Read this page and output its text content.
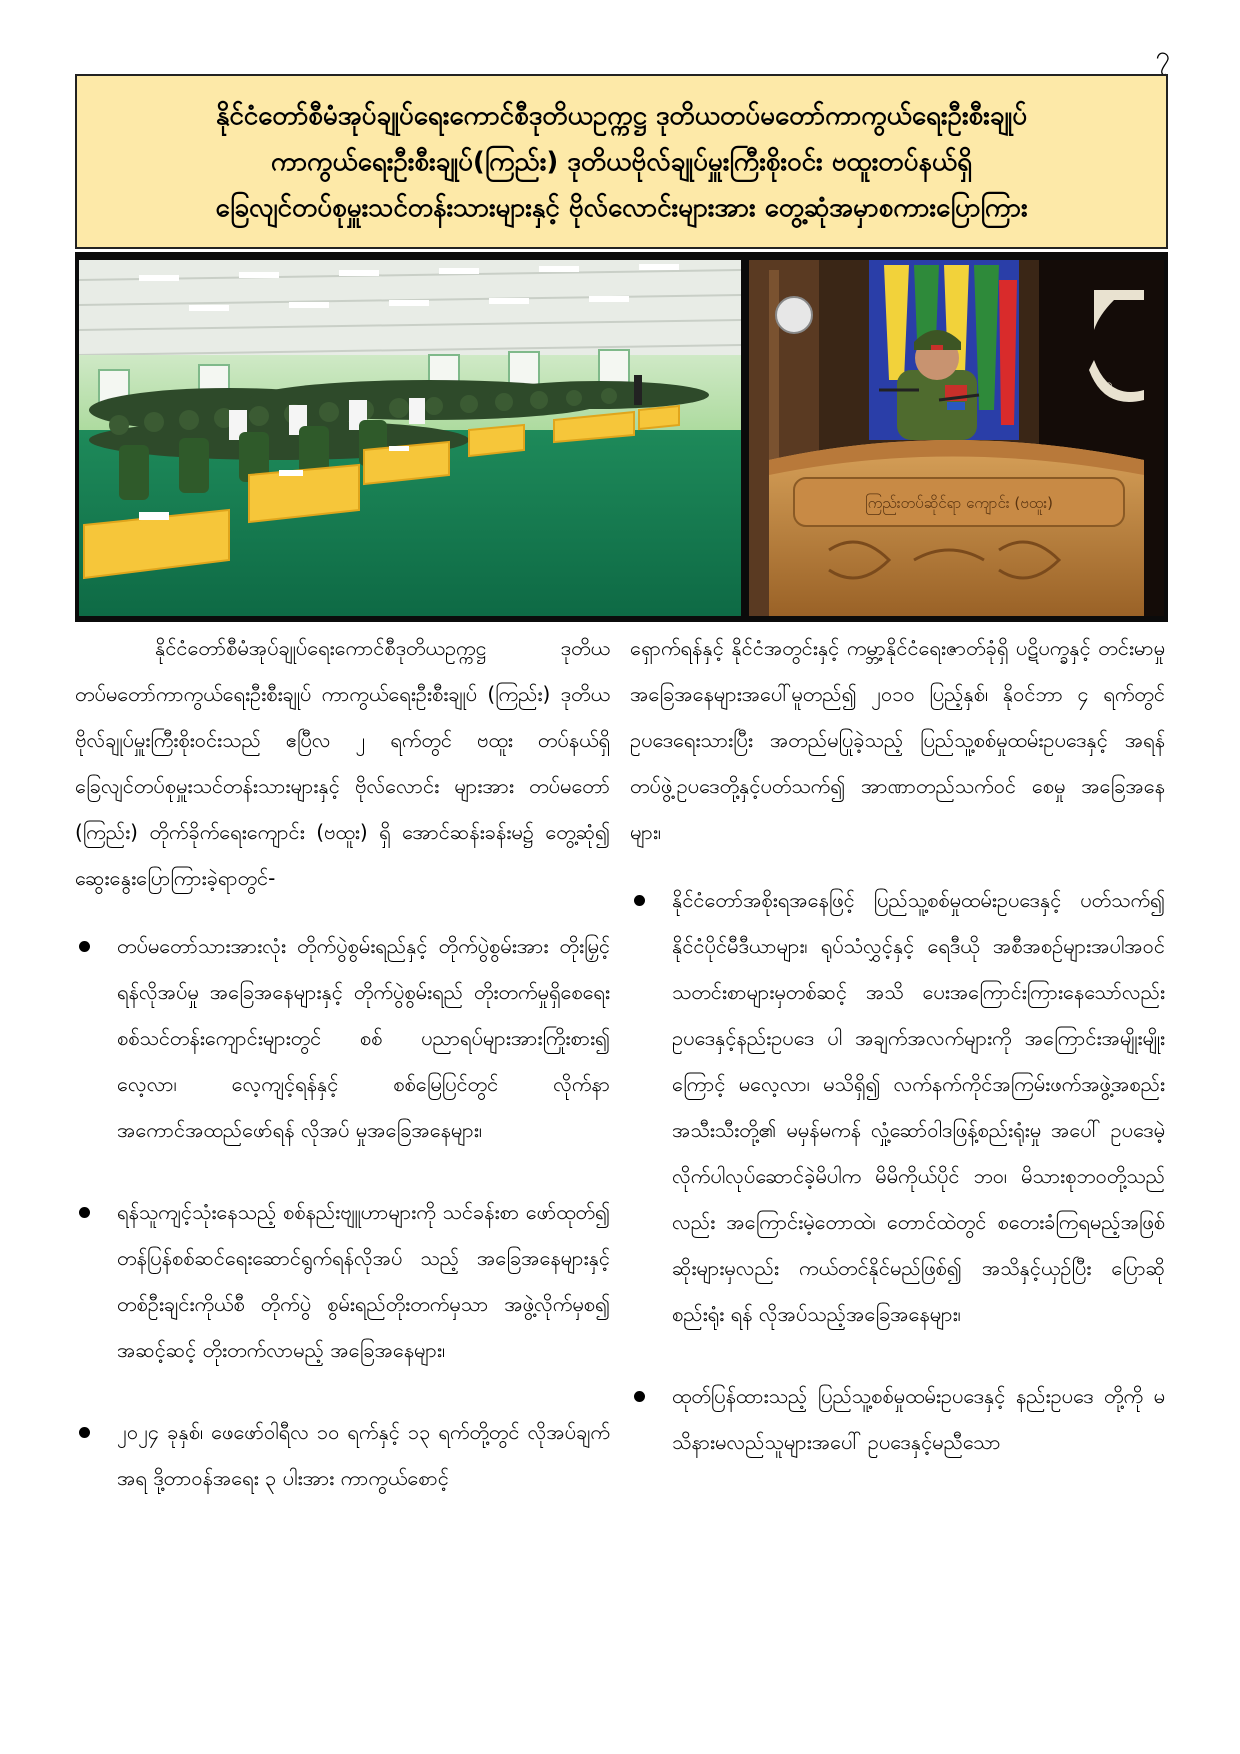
၇
နိုင်ငံတော်စီမံအုပ်ချုပ်ရေးကောင်စီဒုတိယဥက္ကဋ္ဌ ဒုတိယတပ်မတော်ကာကွယ်ရေးဦးစီးချုပ်
ကာကွယ်ရေးဦးစီးချုပ်(ကြည်း) ဒုတိယဗိုလ်ချုပ်မှူးကြီးစိုးဝင်း ဗထူးတပ်နယ်ရှိ
ခြေလျင်တပ်စုမှူးသင်တန်းသားများနှင့် ဗိုလ်လောင်းများအား တွေ့ဆုံအမှာစကားပြောကြား
ဝ၇
ကြည်းတပ်ဆိုင်ရာ ကျောင်း (ဗထူး)

နိုင်ငံတော်စီမံအုပ်ချုပ်ရေးကောင်စီဒုတိယဥက္ကဋ္ဌ ဒုတိယ တပ်မတော်ကာကွယ်ရေးဦးစီးချုပ် ကာကွယ်ရေးဦးစီးချုပ် (ကြည်း) ဒုတိယဗိုလ်ချုပ်မှူးကြီးစိုးဝင်းသည် ဧပြီလ ၂ ရက်တွင် ဗထူး တပ်နယ်ရှိ ခြေလျင်တပ်စုမှူးသင်တန်းသားများနှင့် ဗိုလ်လောင်း များအား တပ်မတော် (ကြည်း) တိုက်ခိုက်ရေးကျောင်း (ဗထူး) ရှိ အောင်ဆန်းခန်းမ၌ တွေ့ဆုံ၍ ဆွေးနွေးပြောကြားခဲ့ရာတွင်-

တပ်မတော်သားအားလုံး တိုက်ပွဲစွမ်းရည်နှင့် တိုက်ပွဲစွမ်းအား တိုးမြှင့်ရန်လိုအပ်မှု အခြေအနေများနှင့် တိုက်ပွဲစွမ်းရည် တိုးတက်မှုရှိစေရေး စစ်သင်တန်းကျောင်းများတွင် စစ် ပညာရပ်များအားကြိုးစား၍ လေ့လာ၊ လေ့ကျင့်ရန်နှင့် စစ်မြေပြင်တွင် လိုက်နာအကောင်အထည်ဖော်ရန် လိုအပ် မှုအခြေအနေများ၊
ရန်သူကျင့်သုံးနေသည့် စစ်နည်းဗျူဟာများကို သင်ခန်းစာ ဖော်ထုတ်၍ တန်ပြန်စစ်ဆင်ရေးဆောင်ရွက်ရန်လိုအပ် သည့် အခြေအနေများနှင့် တစ်ဦးချင်းကိုယ်စီ တိုက်ပွဲ စွမ်းရည်တိုးတက်မှသာ အဖွဲ့လိုက်မှစ၍ အဆင့်ဆင့် တိုးတက်လာမည့် အခြေအနေများ၊
၂၀၂၄ ခုနှစ်၊ ဖေဖော်ဝါရီလ ၁၀ ရက်နှင့် ၁၃ ရက်တို့တွင် လိုအပ်ချက်အရ ဒို့တာဝန်အရေး ၃ ပါးအား ကာကွယ်စောင့်

ရှောက်ရန်နှင့် နိုင်ငံအတွင်းနှင့် ကမ္ဘာ့နိုင်ငံရေးဇာတ်ခုံရှိ ပဋိပက္ခနှင့် တင်းမာမှုအခြေအနေများအပေါ်မူတည်၍ ၂၀၁၀ ပြည့်နှစ်၊ နိုဝင်ဘာ ၄ ရက်တွင် ဥပဒေရေးသားပြီး အတည်မပြုခဲ့သည့် ပြည်သူ့စစ်မှုထမ်းဥပဒေနှင့် အရန် တပ်ဖွဲ့ဥပဒေတို့နှင့်ပတ်သက်၍ အာဏာတည်သက်ဝင် စေမှု အခြေအနေများ၊

နိုင်ငံတော်အစိုးရအနေဖြင့် ပြည်သူ့စစ်မှုထမ်းဥပဒေနှင့် ပတ်သက်၍ နိုင်ငံပိုင်မီဒီယာများ၊ ရုပ်သံလွှင့်နှင့် ရေဒီယို အစီအစဉ်များအပါအဝင် သတင်းစာများမှတစ်ဆင့် အသိ ပေးအကြောင်းကြားနေသော်လည်း ဥပဒေနှင့်နည်းဥပဒေ ပါ အချက်အလက်များကို အကြောင်းအမျိုးမျိုးကြောင့် မလေ့လာ၊ မသိရှိ၍ လက်နက်ကိုင်အကြမ်းဖက်အဖွဲ့အစည်း အသီးသီးတို့၏ မမှန်မကန် လှုံ့ဆော်ဝါဒဖြန့်စည်းရုံးမှု အပေါ် ဥပဒေမဲ့လိုက်ပါလုပ်ဆောင်ခဲ့မိပါက မိမိကိုယ်ပိုင် ဘဝ၊ မိသားစုဘဝတို့သည်လည်း အကြောင်းမဲ့တောထဲ၊ တောင်ထဲတွင် စတေးခံကြရမည့်အဖြစ်ဆိုးများမှလည်း ကယ်တင်နိုင်မည်ဖြစ်၍ အသိနှင့်ယှဉ်ပြီး ပြောဆိုစည်းရုံး ရန် လိုအပ်သည့်အခြေအနေများ၊
ထုတ်ပြန်ထားသည့် ပြည်သူ့စစ်မှုထမ်းဥပဒေနှင့် နည်းဥပဒေ တို့ကို မသိနားမလည်သူများအပေါ် ဥပဒေနှင့်မညီသော
